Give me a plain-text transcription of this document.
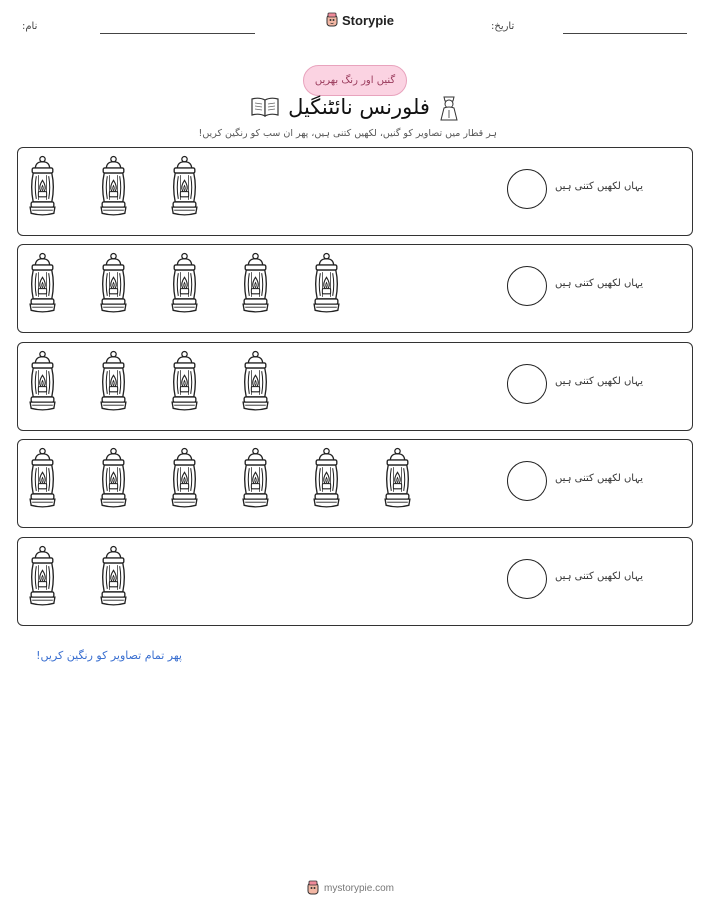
نام:	Storypie	تاریخ:
گنیں اور رنگ بھریں
فلورنس نائٹنگیل
ہر قطار میں تصاویر کو گنیں، لکھیں کتنی ہیں، پھر ان سب کو رنگین کریں!
یہاں لکھیں کتنی ہیں
یہاں لکھیں کتنی ہیں
یہاں لکھیں کتنی ہیں
یہاں لکھیں کتنی ہیں
یہاں لکھیں کتنی ہیں
پھر تمام تصاویر کو رنگین کریں!
mystorypie.com
